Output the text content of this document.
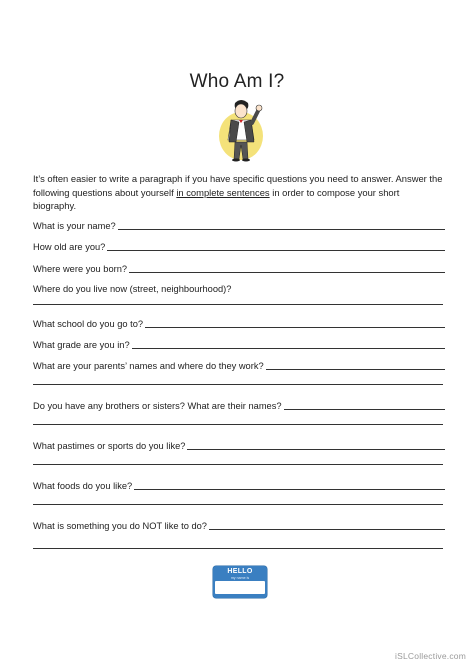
Who Am I?
It’s often easier to write a paragraph if you have specific questions you need to answer. Answer the following questions about yourself in complete sentences in order to compose your short biography.
What is your name?
How old are you?
Where were you born?
Where do you live now (street, neighbourhood)?
What school do you go to?
What grade are you in?
What are your parents’ names and where do they work?
Do you have any brothers or sisters? What are their names?
What pastimes or sports do you like?
What foods do you like?
What is something you do NOT like to do?
HELLO
my name is
iSLCollective.com
